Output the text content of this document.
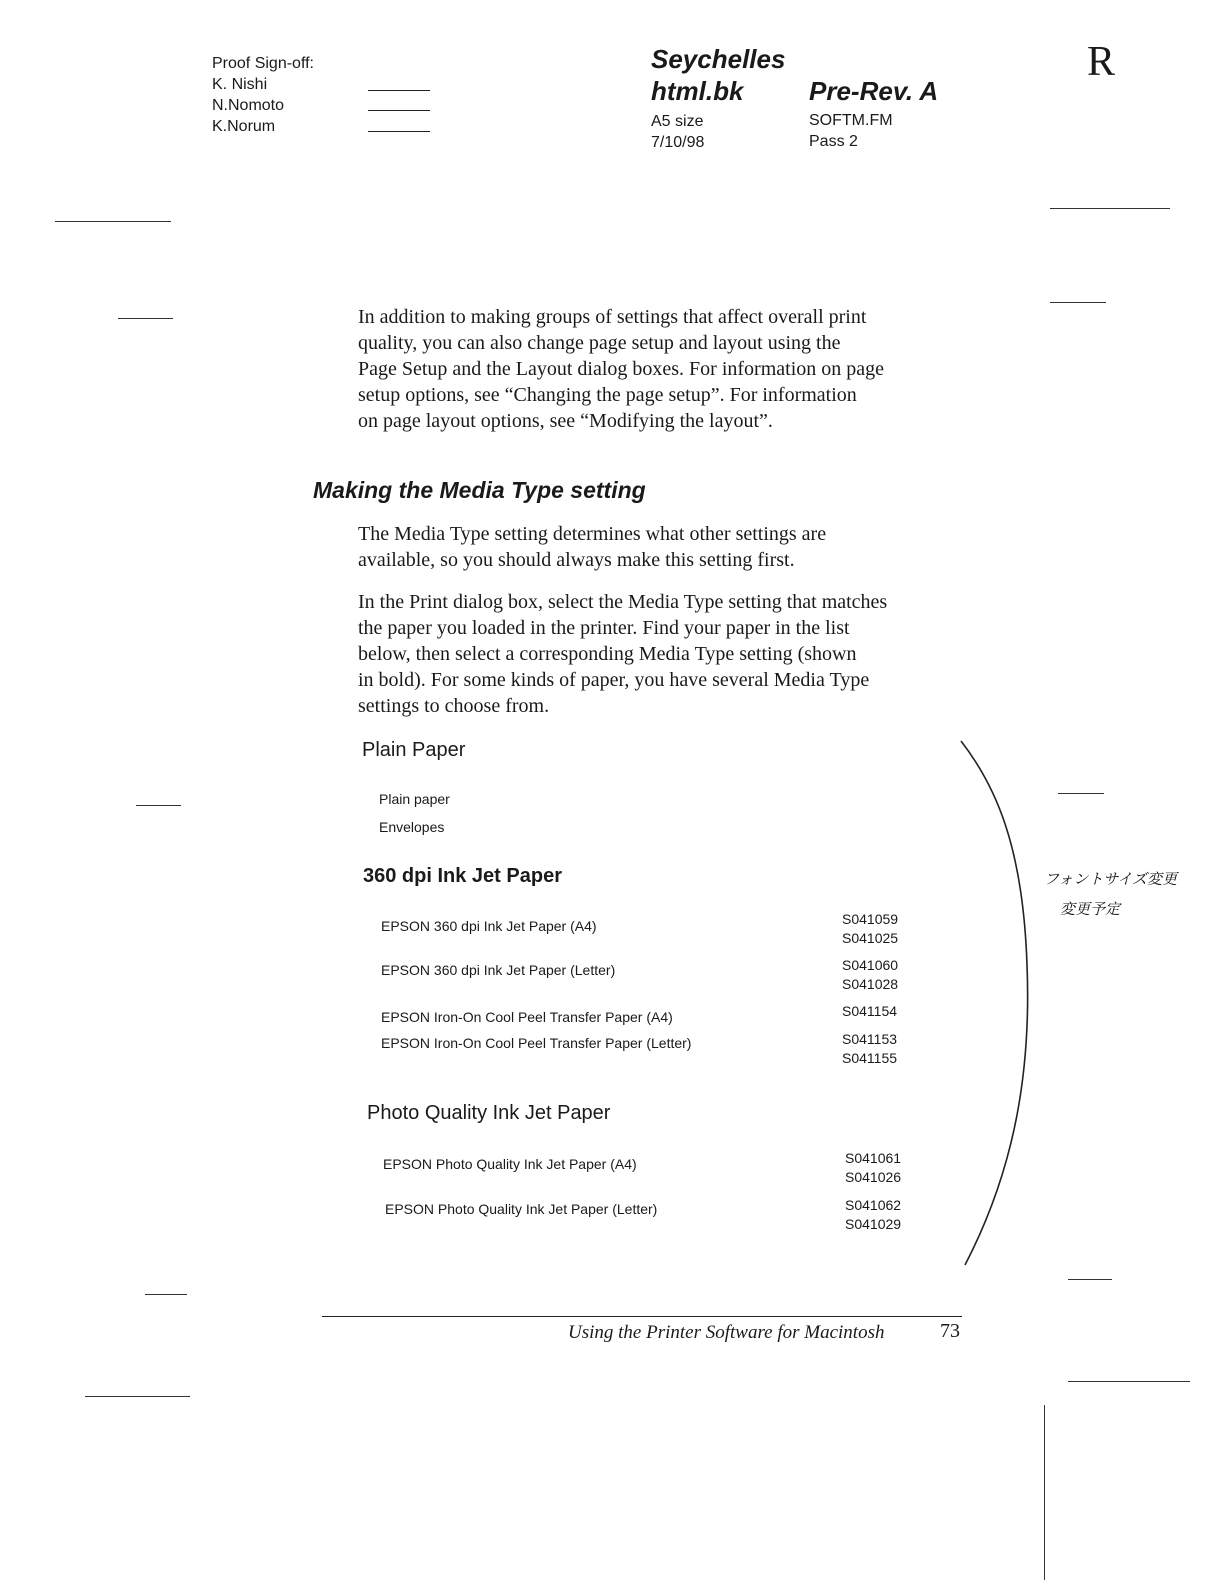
Proof Sign-off:
K. Nishi
N.Nomoto
K.Norum
Seychelles
html.bk	Pre-Rev. A
A5 size
7/10/98
SOFTM.FM
Pass 2
R
In addition to making groups of settings that affect overall print
quality, you can also change page setup and layout using the
Page Setup and the Layout dialog boxes. For information on page
setup options, see “Changing the page setup”. For information
on page layout options, see “Modifying the layout”.
Making the Media Type setting
The Media Type setting determines what other settings are
available, so you should always make this setting first.
In the Print dialog box, select the Media Type setting that matches
the paper you loaded in the printer. Find your paper in the list
below, then select a corresponding Media Type setting (shown
in bold). For some kinds of paper, you have several Media Type
settings to choose from.
Plain Paper
Plain paper
Envelopes
360 dpi Ink Jet Paper
EPSON 360 dpi Ink Jet Paper (A4)	S041059
S041025
EPSON 360 dpi Ink Jet Paper (Letter)	S041060
S041028
EPSON Iron-On Cool Peel Transfer Paper (A4)	S041154
EPSON Iron-On Cool Peel Transfer Paper (Letter)	S041153
S041155
Photo Quality Ink Jet Paper
EPSON Photo Quality Ink Jet Paper (A4)	S041061
S041026
EPSON Photo Quality Ink Jet Paper (Letter)	S041062
S041029
フォントサイズ変更
変更予定
Using the Printer Software for Macintosh	73
